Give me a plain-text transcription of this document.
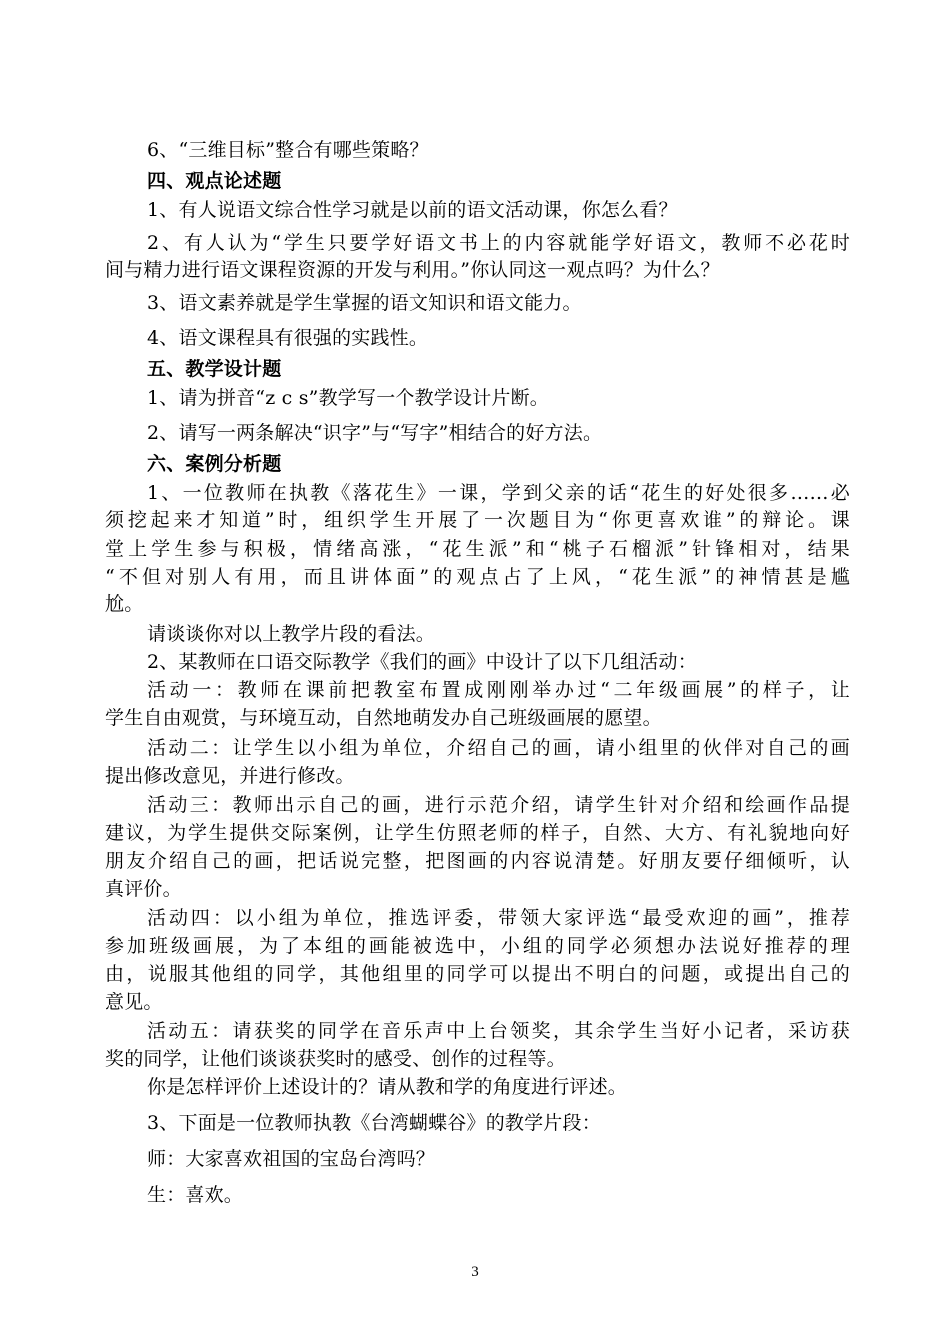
6、“三维目标”整合有哪些策略？
四、观点论述题
1、有人说语文综合性学习就是以前的语文活动课，你怎么看？
2、有人认为“学生只要学好语文书上的内容就能学好语文，教师不必花时
间与精力进行语文课程资源的开发与利用。”你认同这一观点吗？为什么？
3、语文素养就是学生掌握的语文知识和语文能力。
4、语文课程具有很强的实践性。
五、教学设计题
1、请为拼音“z c s”教学写一个教学设计片断。
2、请写一两条解决“识字”与“写字”相结合的好方法。
六、案例分析题
1、一位教师在执教《落花生》一课，学到父亲的话“花生的好处很多……必
须挖起来才知道”时，组织学生开展了一次题目为“你更喜欢谁”的辩论。课
堂上学生参与积极，情绪高涨，“花生派”和“桃子石榴派”针锋相对，结果
“不但对别人有用，而且讲体面”的观点占了上风，“花生派”的神情甚是尴
尬。
请谈谈你对以上教学片段的看法。
2、某教师在口语交际教学《我们的画》中设计了以下几组活动：
活动一：教师在课前把教室布置成刚刚举办过“二年级画展”的样子，让
学生自由观赏，与环境互动，自然地萌发办自己班级画展的愿望。
活动二：让学生以小组为单位，介绍自己的画，请小组里的伙伴对自己的画
提出修改意见，并进行修改。
活动三：教师出示自己的画，进行示范介绍，请学生针对介绍和绘画作品提
建议，为学生提供交际案例，让学生仿照老师的样子，自然、大方、有礼貌地向好
朋友介绍自己的画，把话说完整，把图画的内容说清楚。好朋友要仔细倾听，认
真评价。
活动四：以小组为单位，推选评委，带领大家评选“最受欢迎的画”，推荐
参加班级画展，为了本组的画能被选中，小组的同学必须想办法说好推荐的理
由，说服其他组的同学，其他组里的同学可以提出不明白的问题，或提出自己的
意见。
活动五：请获奖的同学在音乐声中上台领奖，其余学生当好小记者，采访获
奖的同学，让他们谈谈获奖时的感受、创作的过程等。
你是怎样评价上述设计的？请从教和学的角度进行评述。
3、下面是一位教师执教《台湾蝴蝶谷》的教学片段：
师：大家喜欢祖国的宝岛台湾吗？
生：喜欢。
3
